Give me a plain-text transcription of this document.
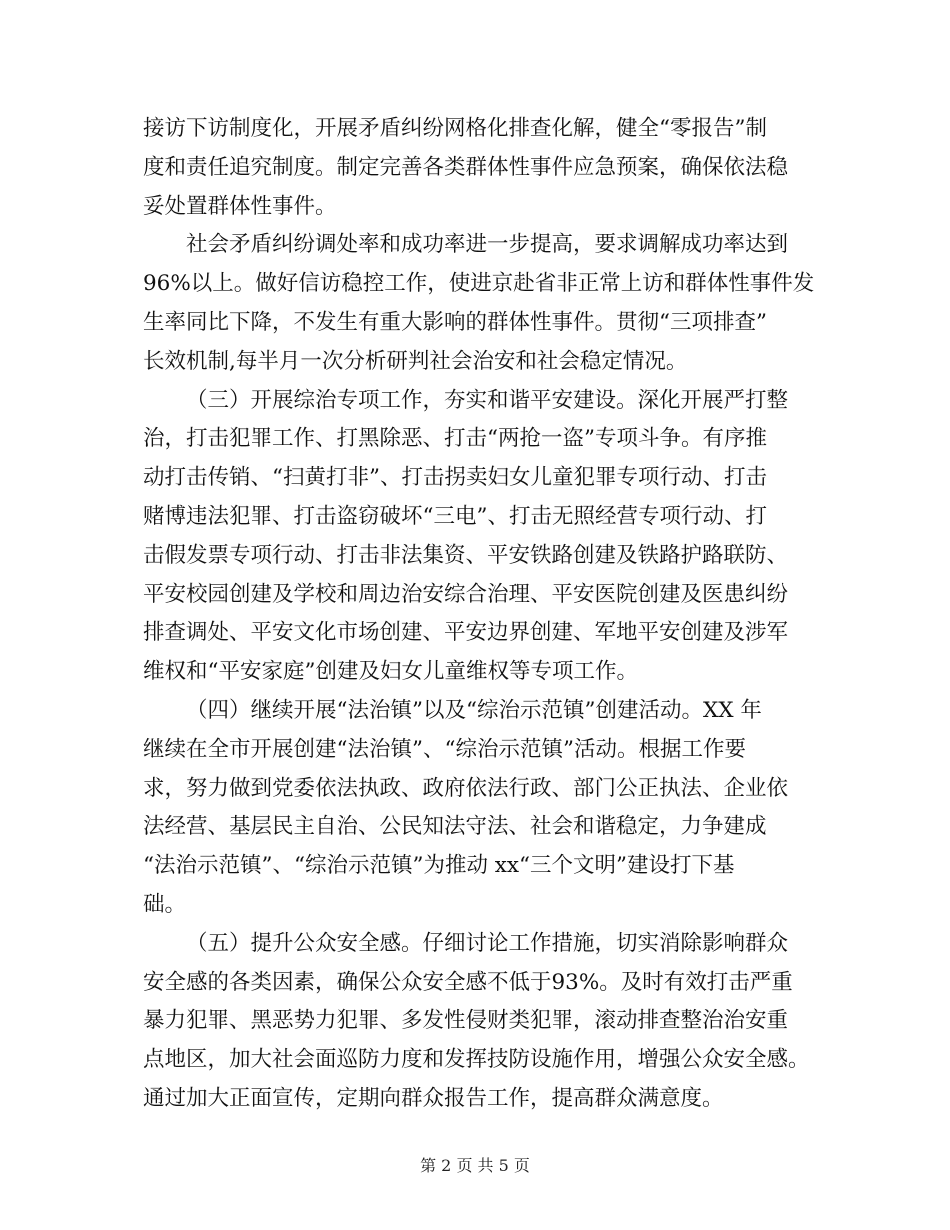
接访下访制度化，开展矛盾纠纷网格化排查化解，健全“零报告”制
度和责任追究制度。制定完善各类群体性事件应急预案，确保依法稳
妥处置群体性事件。
社会矛盾纠纷调处率和成功率进一步提高，要求调解成功率达到
96%以上。做好信访稳控工作，使进京赴省非正常上访和群体性事件发
生率同比下降，不发生有重大影响的群体性事件。贯彻“三项排查”
长效机制,每半月一次分析研判社会治安和社会稳定情况。
（三）开展综治专项工作，夯实和谐平安建设。深化开展严打整
治，打击犯罪工作、打黑除恶、打击“两抢一盗”专项斗争。有序推
动打击传销、“扫黄打非”、打击拐卖妇女儿童犯罪专项行动、打击
赌博违法犯罪、打击盗窃破坏“三电”、打击无照经营专项行动、打
击假发票专项行动、打击非法集资、平安铁路创建及铁路护路联防、
平安校园创建及学校和周边治安综合治理、平安医院创建及医患纠纷
排查调处、平安文化市场创建、平安边界创建、军地平安创建及涉军
维权和“平安家庭”创建及妇女儿童维权等专项工作。
（四）继续开展“法治镇”以及“综治示范镇”创建活动。XX 年
继续在全市开展创建“法治镇”、“综治示范镇”活动。根据工作要
求，努力做到党委依法执政、政府依法行政、部门公正执法、企业依
法经营、基层民主自治、公民知法守法、社会和谐稳定，力争建成
“法治示范镇”、“综治示范镇”为推动 xx“三个文明”建设打下基
础。
（五）提升公众安全感。仔细讨论工作措施，切实消除影响群众
安全感的各类因素，确保公众安全感不低于93%。及时有效打击严重
暴力犯罪、黑恶势力犯罪、多发性侵财类犯罪，滚动排查整治治安重
点地区，加大社会面巡防力度和发挥技防设施作用，增强公众安全感。
通过加大正面宣传，定期向群众报告工作，提高群众满意度。
第 2 页 共 5 页
